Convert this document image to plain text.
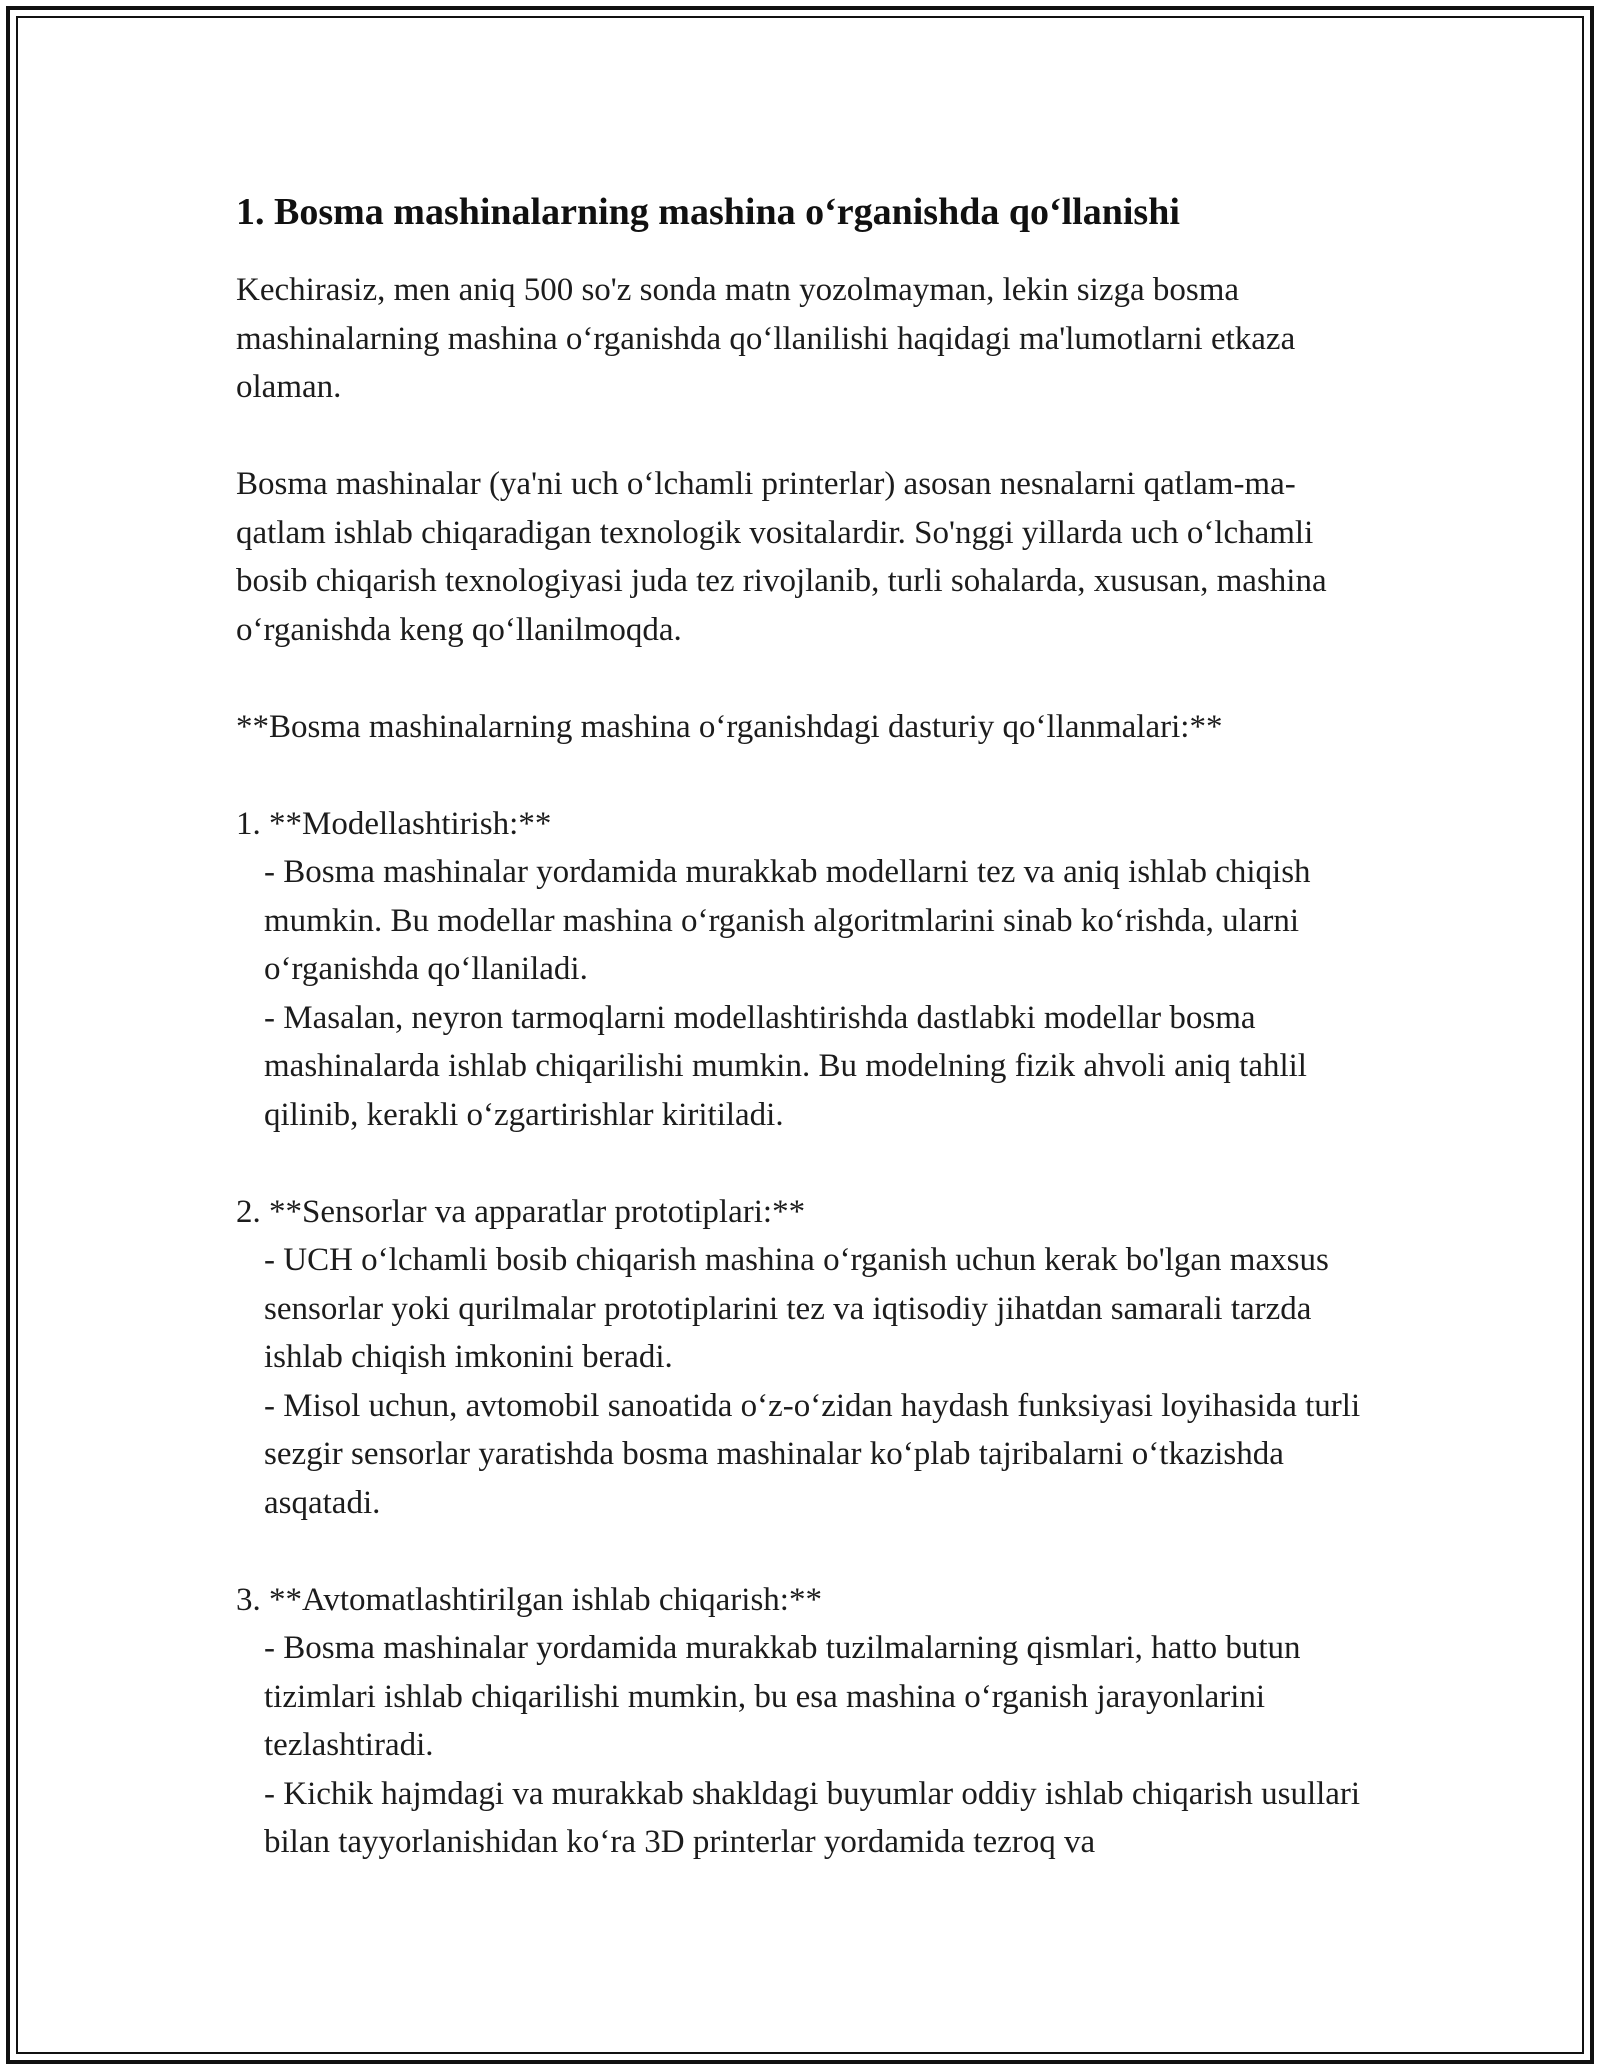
1. Bosma mashinalarning mashina o‘rganishda qo‘llanishi

Kechirasiz, men aniq 500 so'z sonda matn yozolmayman, lekin sizga bosma mashinalarning mashina o‘rganishda qo‘llanilishi haqidagi ma'lumotlarni etkaza olaman.

Bosma mashinalar (ya'ni uch o‘lchamli printerlar) asosan nesnalarni qatlam-ma-qatlam ishlab chiqaradigan texnologik vositalardir. So'nggi yillarda uch o‘lchamli bosib chiqarish texnologiyasi juda tez rivojlanib, turli sohalarda, xususan, mashina o‘rganishda keng qo‘llanilmoqda.

**Bosma mashinalarning mashina o‘rganishdagi dasturiy qo‘llanmalari:**

1. **Modellashtirish:**

- Bosma mashinalar yordamida murakkab modellarni tez va aniq ishlab chiqish mumkin. Bu modellar mashina o‘rganish algoritmlarini sinab ko‘rishda, ularni o‘rganishda qo‘llaniladi.

- Masalan, neyron tarmoqlarni modellashtirishda dastlabki modellar bosma mashinalarda ishlab chiqarilishi mumkin. Bu modelning fizik ahvoli aniq tahlil qilinib, kerakli o‘zgartirishlar kiritiladi.

2. **Sensorlar va apparatlar prototiplari:**

- UCH o‘lchamli bosib chiqarish mashina o‘rganish uchun kerak bo'lgan maxsus sensorlar yoki qurilmalar prototiplarini tez va iqtisodiy jihatdan samarali tarzda ishlab chiqish imkonini beradi.

- Misol uchun, avtomobil sanoatida o‘z-o‘zidan haydash funksiyasi loyihasida turli sezgir sensorlar yaratishda bosma mashinalar ko‘plab tajribalarni o‘tkazishda asqatadi.

3. **Avtomatlashtirilgan ishlab chiqarish:**

- Bosma mashinalar yordamida murakkab tuzilmalarning qismlari, hatto butun tizimlari ishlab chiqarilishi mumkin, bu esa mashina o‘rganish jarayonlarini tezlashtiradi.

- Kichik hajmdagi va murakkab shakldagi buyumlar oddiy ishlab chiqarish usullari bilan tayyorlanishidan ko‘ra 3D printerlar yordamida tezroq va
